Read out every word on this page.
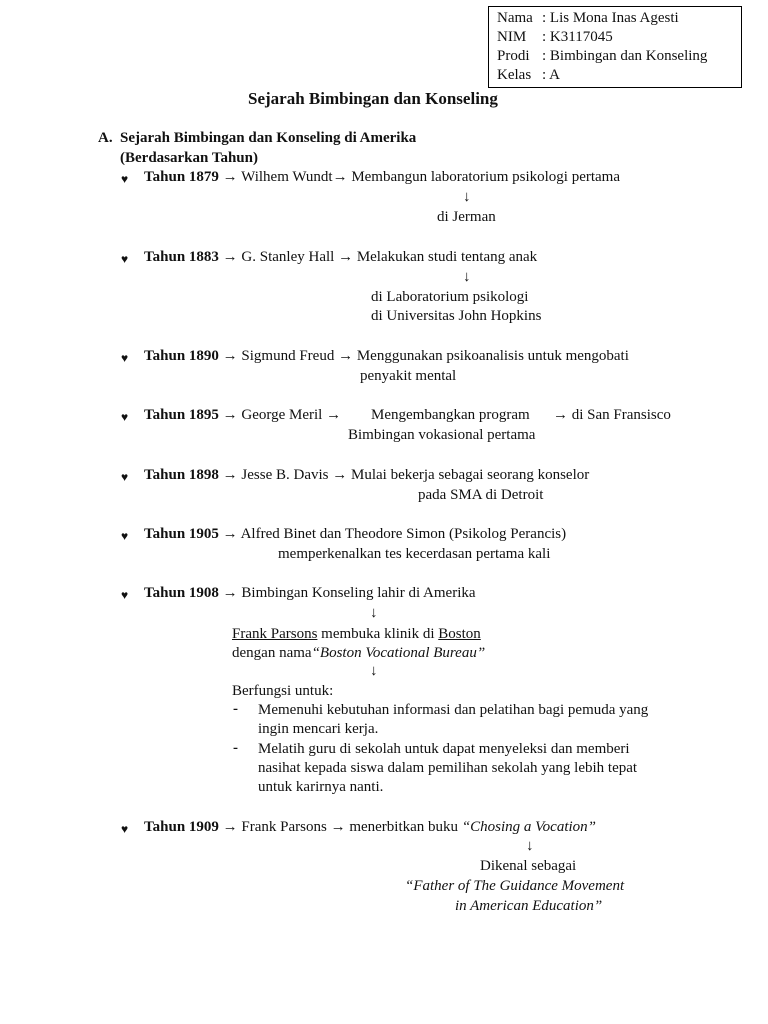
Nama : Lis Mona Inas Agesti
NIM : K3117045
Prodi : Bimbingan dan Konseling
Kelas : A
Sejarah Bimbingan dan Konseling
A. Sejarah Bimbingan dan Konseling di Amerika
(Berdasarkan Tahun)
♥ Tahun 1879 → Wilhem Wundt→ Membangun laboratorium psikologi pertama
↓
di Jerman
♥ Tahun 1883 → G. Stanley Hall → Melakukan studi tentang anak
↓
di Laboratorium psikologi
di Universitas John Hopkins
♥ Tahun 1890 → Sigmund Freud → Menggunakan psikoanalisis untuk mengobati
penyakit mental
♥ Tahun 1895 → George Meril → Mengembangkan program → di San Fransisco
Bimbingan vokasional pertama
♥ Tahun 1898 → Jesse B. Davis → Mulai bekerja sebagai seorang konselor
pada SMA di Detroit
♥ Tahun 1905 → Alfred Binet dan Theodore Simon (Psikolog Perancis)
memperkenalkan tes kecerdasan pertama kali
♥ Tahun 1908 → Bimbingan Konseling lahir di Amerika
↓
Frank Parsons membuka klinik di Boston
dengan nama“Boston Vocational Bureau”
↓
Berfungsi untuk:
- Memenuhi kebutuhan informasi dan pelatihan bagi pemuda yang
ingin mencari kerja.
- Melatih guru di sekolah untuk dapat menyeleksi dan memberi
nasihat kepada siswa dalam pemilihan sekolah yang lebih tepat
untuk karirnya nanti.
♥ Tahun 1909 → Frank Parsons → menerbitkan buku “Chosing a Vocation”
↓
Dikenal sebagai
“Father of The Guidance Movement
in American Education”
